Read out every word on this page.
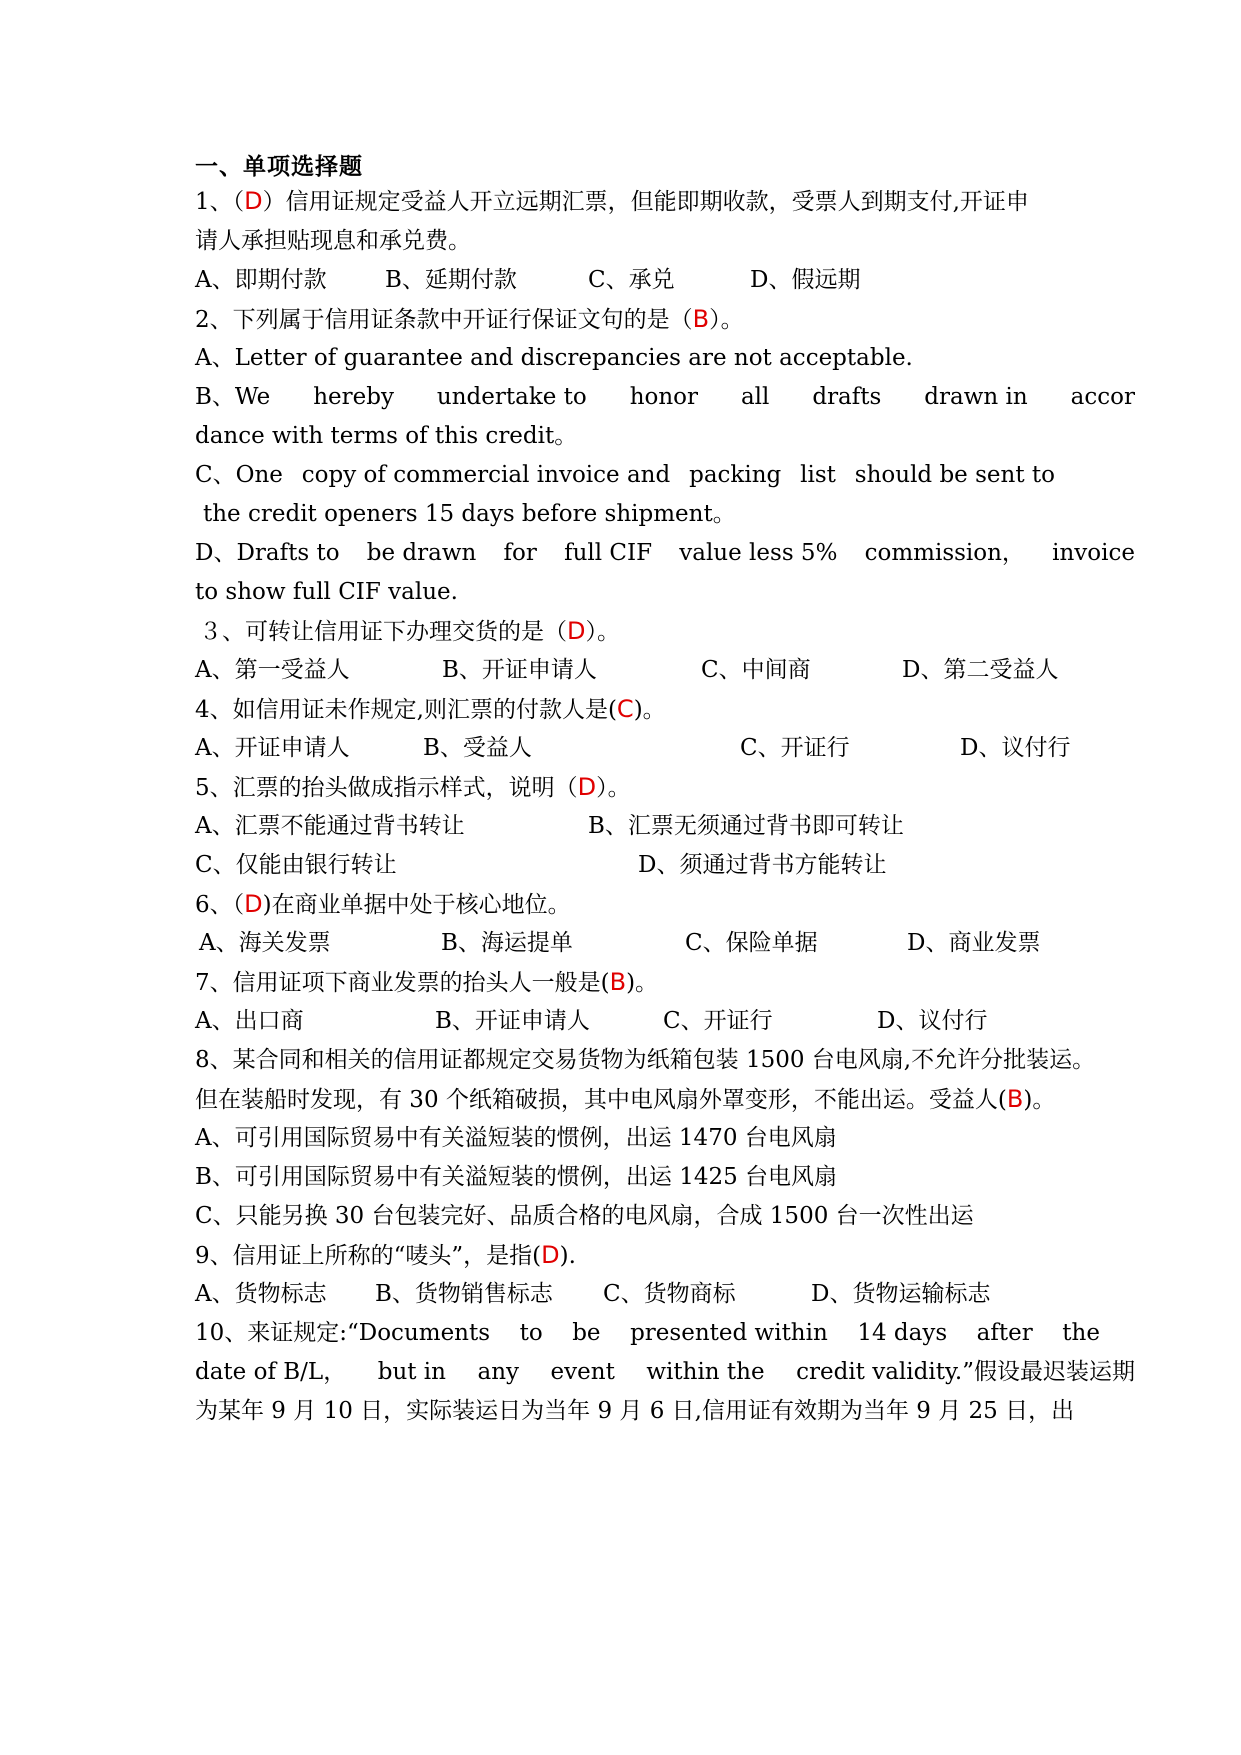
一、单项选择题
1、（D）信用证规定受益人开立远期汇票，但能即期收款，受票人到期支付,开证申
请人承担贴现息和承兑费。
A、即期付款	B、延期付款	C、承兑	D、假远期
2、下列属于信用证条款中开证行保证文句的是（B）。
A、Letter of guarantee and discrepancies are not acceptable.
B、We hereby undertake to honor all drafts drawn in accor
dance with terms of this credit。
C、One copy of commercial invoice and packing list should be sent to
the credit openers 15 days before shipment。
D、Drafts to be drawn for full CIF value less 5% commission， invoice
to show full CIF value.
３、可转让信用证下办理交货的是（D）。
A、第一受益人	B、开证申请人	C、中间商	D、第二受益人
4、如信用证未作规定,则汇票的付款人是(C)。
A、开证申请人	B、受益人	C、开证行	D、议付行
5、汇票的抬头做成指示样式，说明（D）。
A、汇票不能通过背书转让	B、汇票无须通过背书即可转让
C、仅能由银行转让	D、须通过背书方能转让
6、（D)在商业单据中处于核心地位。
A、海关发票	B、海运提单	C、保险单据	D、商业发票
7、信用证项下商业发票的抬头人一般是(B)。
A、出口商	B、开证申请人	C、开证行	D、议付行
8、某合同和相关的信用证都规定交易货物为纸箱包装 1500 台电风扇,不允许分批装运。
但在装船时发现，有 30 个纸箱破损，其中电风扇外罩变形，不能出运。受益人(B)。
A、可引用国际贸易中有关溢短装的惯例，出运 1470 台电风扇
B、可引用国际贸易中有关溢短装的惯例，出运 1425 台电风扇
C、只能另换 30 台包装完好、品质合格的电风扇，合成 1500 台一次性出运
9、信用证上所称的“唛头”，是指(D).
A、货物标志 B、货物销售标志 C、货物商标	D、货物运输标志
10、来证规定:“Documents to be presented within 14 days after the
date of B/L， but in any event within the credit validity.”假设最迟装运期
为某年 9 月 10 日，实际装运日为当年 9 月 6 日,信用证有效期为当年 9 月 25 日，出
